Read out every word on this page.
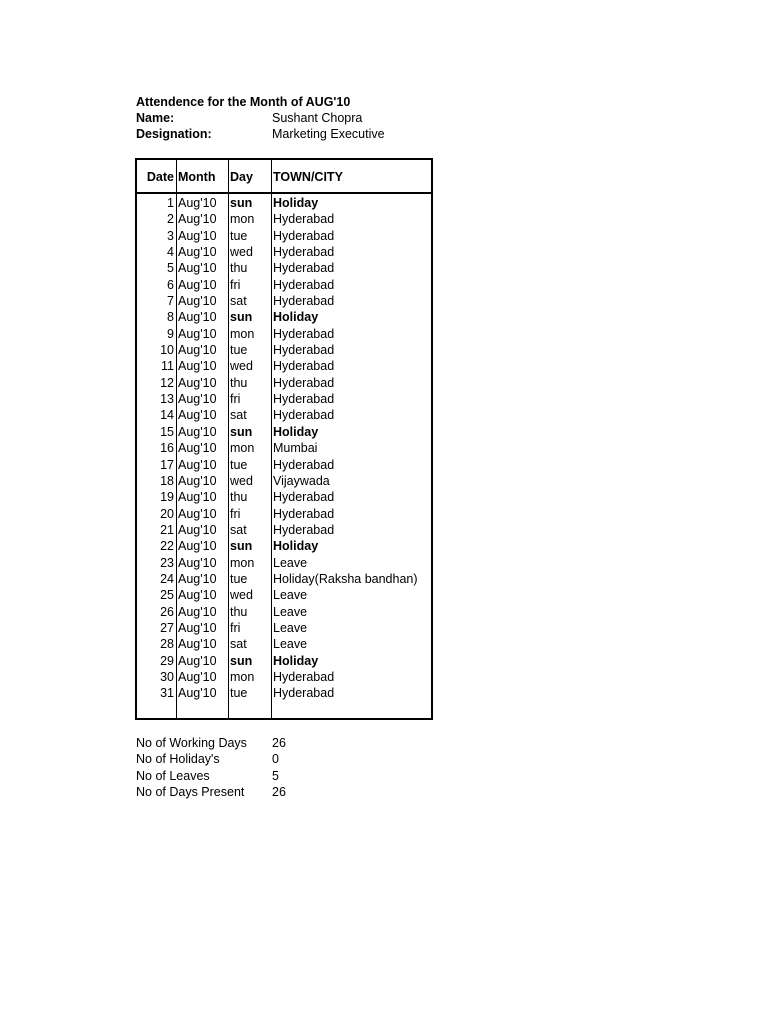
Attendence for the Month of AUG'10
Name:	Sushant Chopra
Designation:	Marketing Executive
Date Month Day TOWN/CITY
1 Aug'10 sun Holiday
2 Aug'10 mon Hyderabad
3 Aug'10 tue Hyderabad
4 Aug'10 wed Hyderabad
5 Aug'10 thu Hyderabad
6 Aug'10 fri	Hyderabad
7 Aug'10 sat Hyderabad
8 Aug'10 sun Holiday
9 Aug'10 mon Hyderabad
10 Aug'10 tue Hyderabad
11 Aug'10 wed Hyderabad
12 Aug'10 thu Hyderabad
13 Aug'10 fri	Hyderabad
14 Aug'10 sat Hyderabad
15 Aug'10 sun Holiday
16 Aug'10 mon Mumbai
17 Aug'10 tue Hyderabad
18 Aug'10 wed Vijaywada
19 Aug'10 thu Hyderabad
20 Aug'10 fri	Hyderabad
21 Aug'10 sat Hyderabad
22 Aug'10 sun Holiday
23 Aug'10 mon Leave
24 Aug'10 tue Holiday(Raksha bandhan)
25 Aug'10 wed Leave
26 Aug'10 thu Leave
27 Aug'10 fri	Leave
28 Aug'10 sat Leave
29 Aug'10 sun Holiday
30 Aug'10 mon Hyderabad
31 Aug'10 tue Hyderabad
No of Working Days 26
No of Holiday's	0
No of Leaves	5
No of Days Present 26
